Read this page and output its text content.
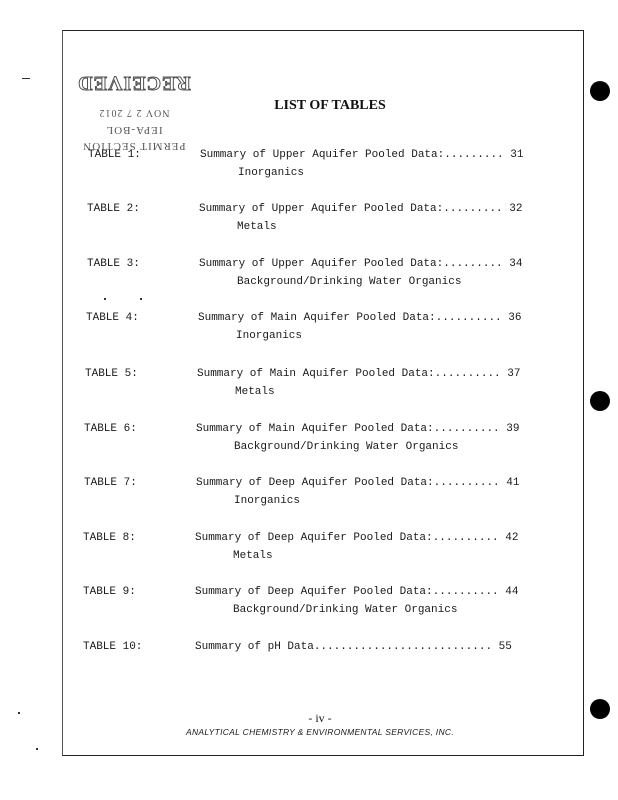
PERMIT SECTION
IEPA-BOL
NOV 2 7 2012
RECEIVED
LIST OF TABLES
TABLE 1:	Summary of Upper Aquifer Pooled Data:......... 31
Inorganics
TABLE 2:	Summary of Upper Aquifer Pooled Data:......... 32
Metals
TABLE 3:	Summary of Upper Aquifer Pooled Data:......... 34
Background/Drinking Water Organics
TABLE 4:	Summary of Main Aquifer Pooled Data:.......... 36
Inorganics
TABLE 5:	Summary of Main Aquifer Pooled Data:.......... 37
Metals
TABLE 6:	Summary of Main Aquifer Pooled Data:.......... 39
Background/Drinking Water Organics
TABLE 7:	Summary of Deep Aquifer Pooled Data:.......... 41
Inorganics
TABLE 8:	Summary of Deep Aquifer Pooled Data:.......... 42
Metals
TABLE 9:	Summary of Deep Aquifer Pooled Data:.......... 44
Background/Drinking Water Organics
TABLE 10:	Summary of pH Data........................... 55
- iv -
ANALYTICAL CHEMISTRY & ENVIRONMENTAL SERVICES, INC.
